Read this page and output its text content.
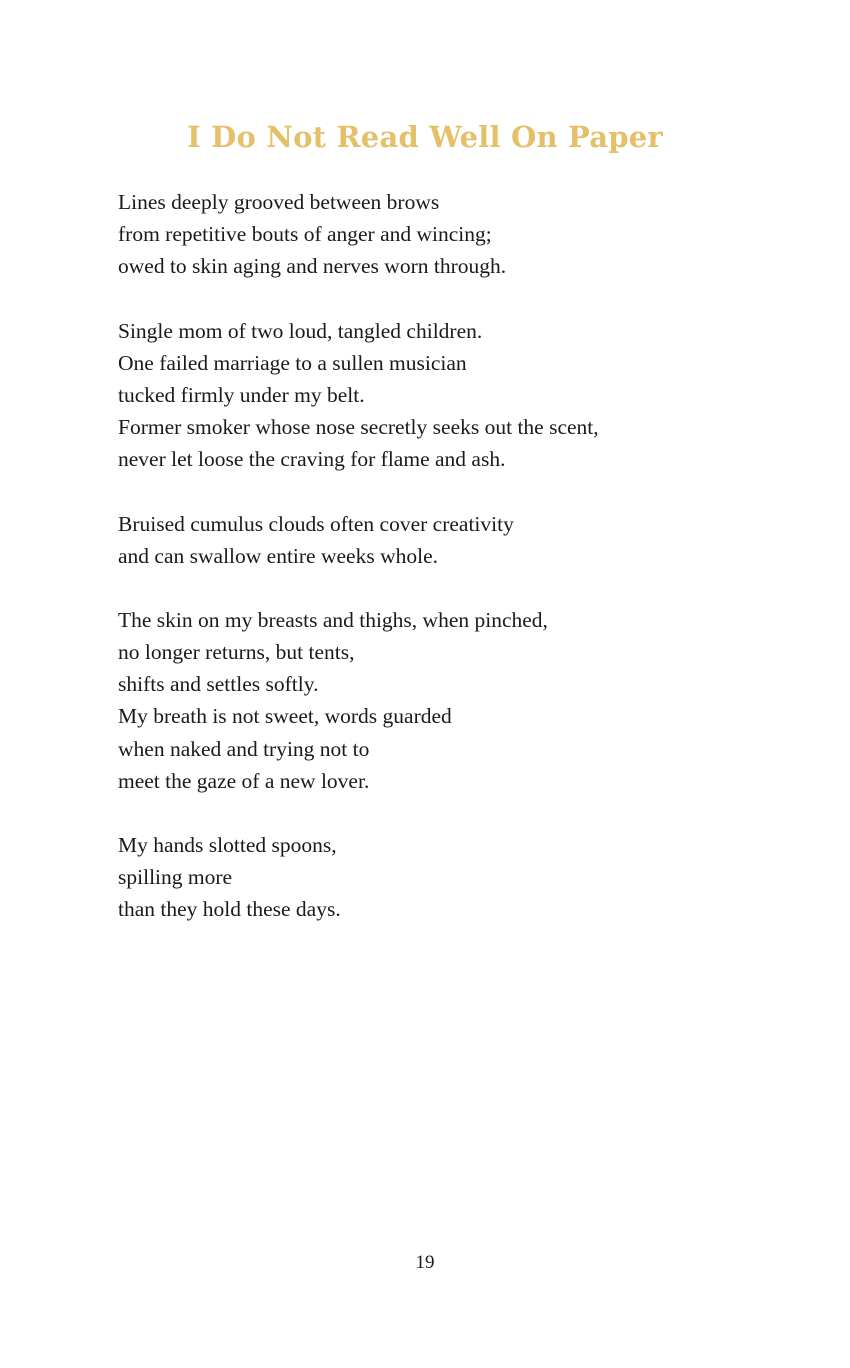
I Do Not Read Well On Paper
Lines deeply grooved between brows
from repetitive bouts of anger and wincing;
owed to skin aging and nerves worn through.
Single mom of two loud, tangled children.
One failed marriage to a sullen musician
tucked firmly under my belt.
Former smoker whose nose secretly seeks out the scent,
never let loose the craving for flame and ash.
Bruised cumulus clouds often cover creativity
and can swallow entire weeks whole.
The skin on my breasts and thighs, when pinched,
no longer returns, but tents,
shifts and settles softly.
My breath is not sweet, words guarded
when naked and trying not to
meet the gaze of a new lover.
My hands slotted spoons,
spilling more
than they hold these days.
19
